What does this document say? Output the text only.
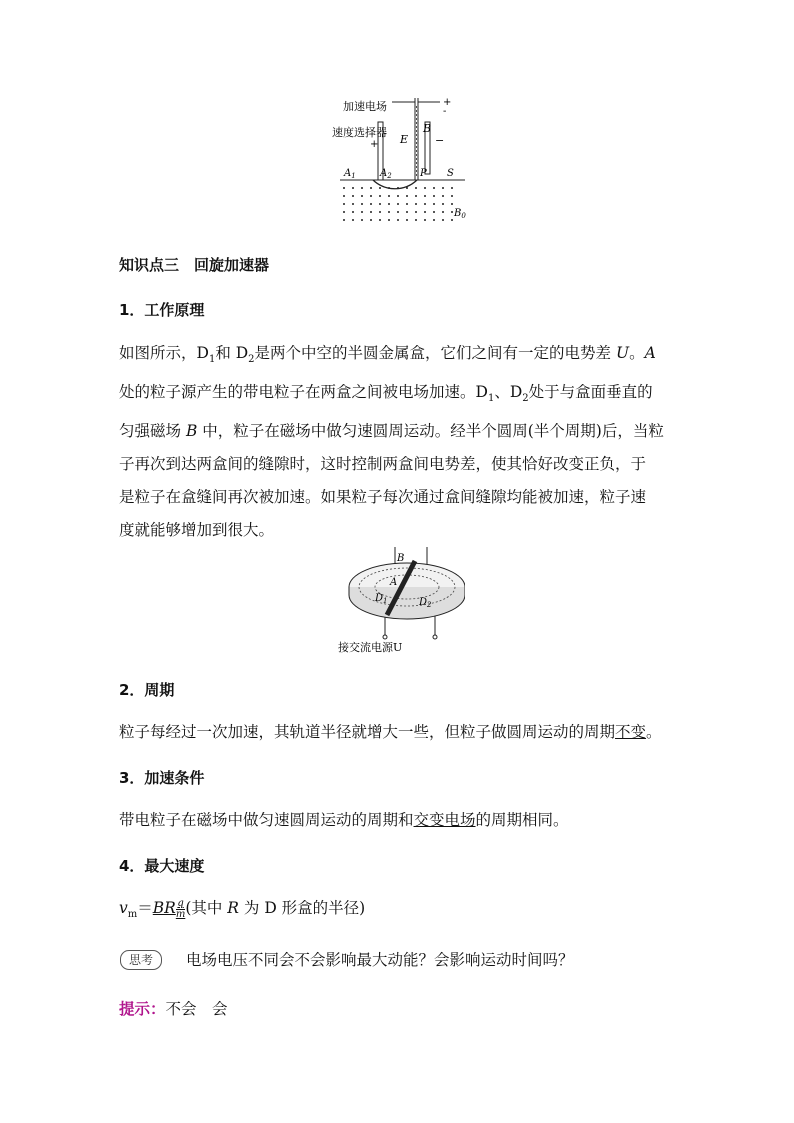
加速电场
速度选择器
+
-
+	−
E
B
$A_1$ $A_2$	P S
$B_0$
知识点三　回旋加速器
1．工作原理
如图所示，$D_1$和 $D_2$是两个中空的半圆金属盒，它们之间有一定的电势差 U。A
处的粒子源产生的带电粒子在两盒之间被电场加速。$D_1$、$D_2$处于与盒面垂直的
匀强磁场 B 中，粒子在磁场中做匀速圆周运动。经半个圆周(半个周期)后，当粒
子再次到达两盒间的缝隙时，这时控制两盒间电势差，使其恰好改变正负，于
是粒子在盒缝间再次被加速。如果粒子每次通过盒间缝隙均能被加速，粒子速
度就能够增加到很大。
B
A
$D_1$	$D_2$
接交流电源U
2．周期
粒子每经过一次加速，其轨道半径就增大一些，但粒子做圆周运动的周期不变。
3．加速条件
带电粒子在磁场中做匀速圆周运动的周期和交变电场的周期相同。
4．最大速度
$v_m=BR \frac{q}{m}$ (其中 R 为 D 形盒的半径)
思考	电场电压不同会不会影响最大动能？会影响运动时间吗？
提示：不会　会
